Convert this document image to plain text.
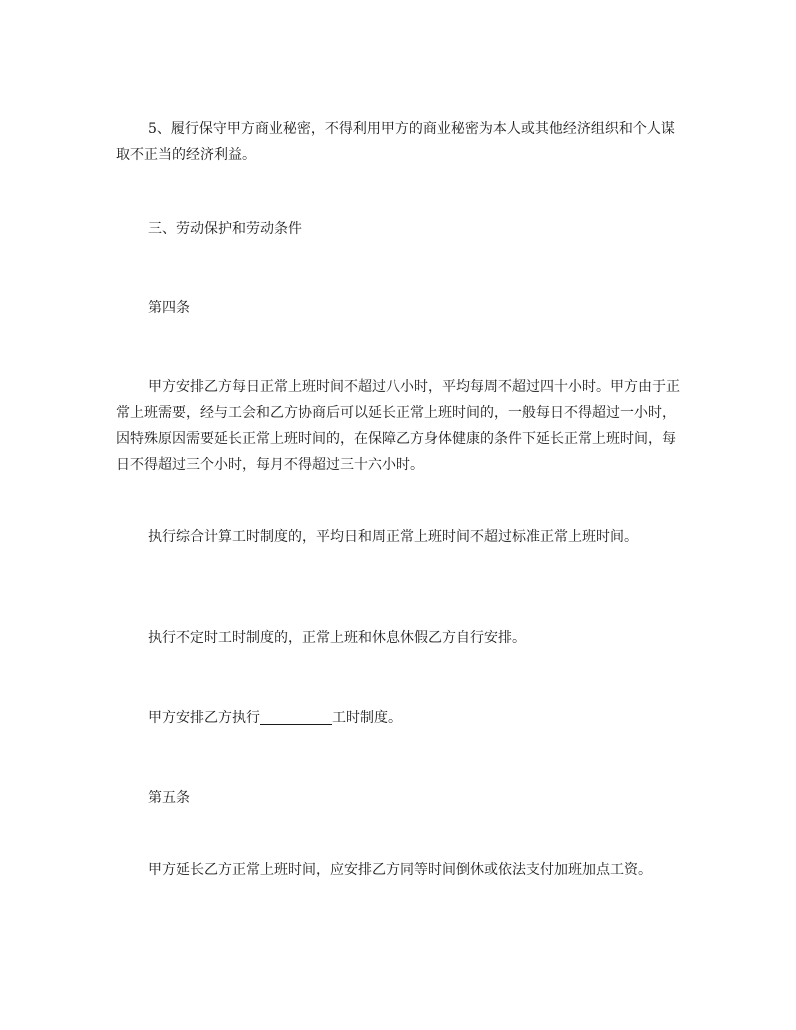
5、履行保守甲方商业秘密，不得利用甲方的商业秘密为本人或其他经济组织和个人谋取不正当的经济利益。

三、劳动保护和劳动条件

第四条

甲方安排乙方每日正常上班时间不超过八小时，平均每周不超过四十小时。甲方由于正常上班需要，经与工会和乙方协商后可以延长正常上班时间的，一般每日不得超过一小时，因特殊原因需要延长正常上班时间的，在保障乙方身体健康的条件下延长正常上班时间，每日不得超过三个小时，每月不得超过三十六小时。

执行综合计算工时制度的，平均日和周正常上班时间不超过标准正常上班时间。

执行不定时工时制度的，正常上班和休息休假乙方自行安排。

甲方安排乙方执行	工时制度。

第五条

甲方延长乙方正常上班时间，应安排乙方同等时间倒休或依法支付加班加点工资。
